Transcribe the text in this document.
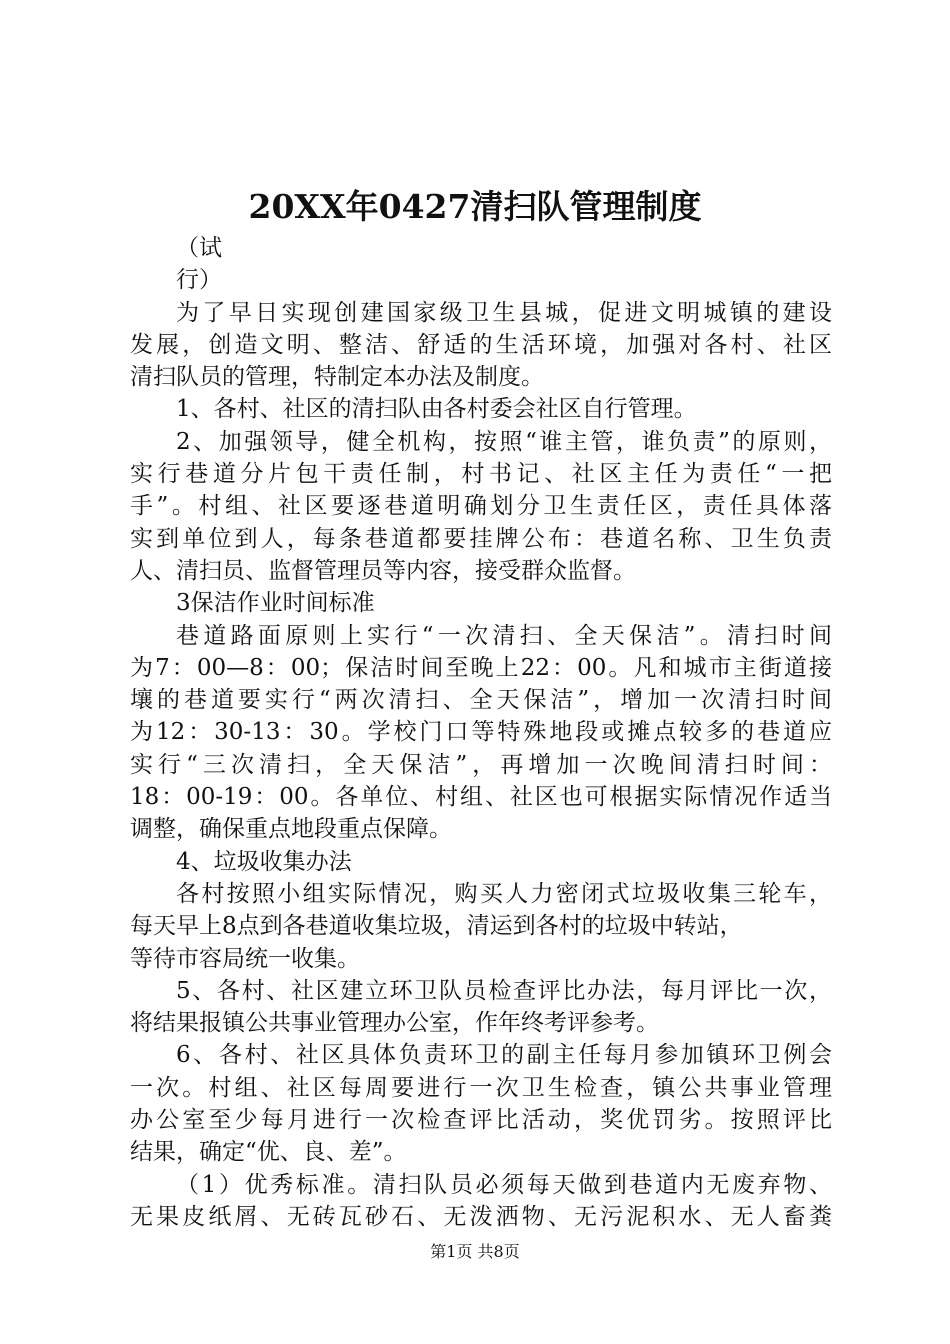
20XX年0427清扫队管理制度
（试
行）
为了早日实现创建国家级卫生县城，促进文明城镇的建设
发展，创造文明、整洁、舒适的生活环境，加强对各村、社区
清扫队员的管理，特制定本办法及制度。
1、各村、社区的清扫队由各村委会社区自行管理。
2、加强领导，健全机构，按照“谁主管，谁负责”的原则，
实行巷道分片包干责任制，村书记、社区主任为责任“一把
手”。村组、社区要逐巷道明确划分卫生责任区，责任具体落
实到单位到人，每条巷道都要挂牌公布：巷道名称、卫生负责
人、清扫员、监督管理员等内容，接受群众监督。
3保洁作业时间标准
巷道路面原则上实行“一次清扫、全天保洁”。清扫时间
为7：00—8：00；保洁时间至晚上22：00。凡和城市主街道接
壤的巷道要实行“两次清扫、全天保洁”，增加一次清扫时间
为12：30-13：30。学校门口等特殊地段或摊点较多的巷道应
实行“三次清扫，全天保洁”，再增加一次晚间清扫时间：
18：00-19：00。各单位、村组、社区也可根据实际情况作适当
调整，确保重点地段重点保障。
4、垃圾收集办法
各村按照小组实际情况，购买人力密闭式垃圾收集三轮车，
每天早上8点到各巷道收集垃圾，清运到各村的垃圾中转站，
等待市容局统一收集。
5、各村、社区建立环卫队员检查评比办法，每月评比一次，
将结果报镇公共事业管理办公室，作年终考评参考。
6、各村、社区具体负责环卫的副主任每月参加镇环卫例会
一次。村组、社区每周要进行一次卫生检查，镇公共事业管理
办公室至少每月进行一次检查评比活动，奖优罚劣。按照评比
结果，确定“优、良、差”。
（1）优秀标准。清扫队员必须每天做到巷道内无废弃物、
无果皮纸屑、无砖瓦砂石、无泼洒物、无污泥积水、无人畜粪
第1页 共8页
